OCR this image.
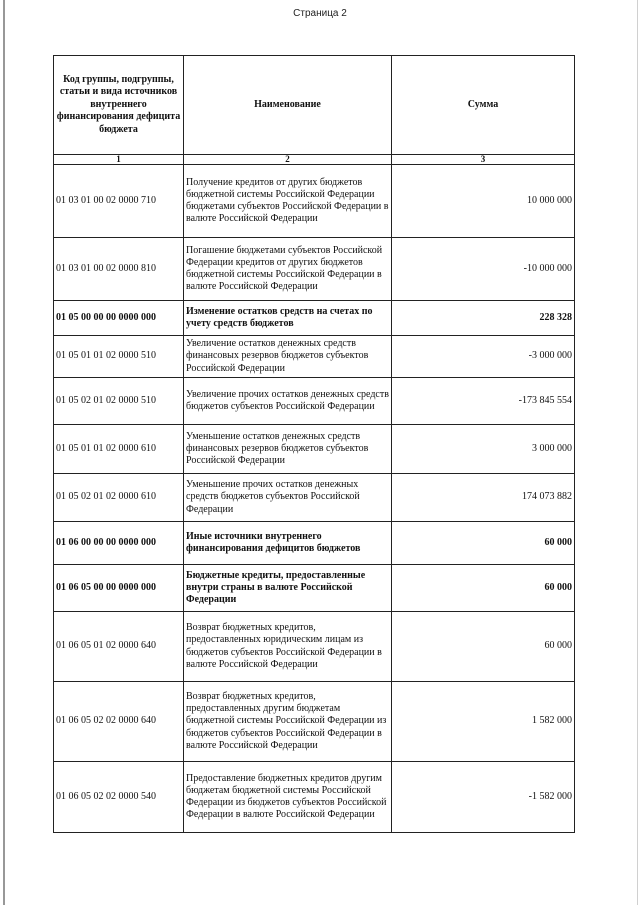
Страница 2
Код группы, подгруппы, статьи и вида источников внутреннего финансирования дефицита бюджета	Наименование	Сумма
1	2	3
01 03 01 00 02 0000 710	Получение кредитов от других бюджетов бюджетной системы Российской Федерации бюджетами субъектов Российской Федерации в валюте Российской Федерации	10 000 000
01 03 01 00 02 0000 810	Погашение бюджетами субъектов Российской Федерации кредитов от других бюджетов бюджетной системы Российской Федерации в валюте Российской Федерации	-10 000 000
01 05 00 00 00 0000 000	Изменение остатков средств на счетах по учету средств бюджетов	228 328
01 05 01 01 02 0000 510	Увеличение остатков денежных средств финансовых резервов бюджетов субъектов Российской Федерации	-3 000 000
01 05 02 01 02 0000 510	Увеличение прочих остатков денежных средств бюджетов субъектов Российской Федерации	-173 845 554
01 05 01 01 02 0000 610	Уменьшение остатков денежных средств финансовых резервов бюджетов субъектов Российской Федерации	3 000 000
01 05 02 01 02 0000 610	Уменьшение прочих остатков денежных средств бюджетов субъектов Российской Федерации	174 073 882
01 06 00 00 00 0000 000	Иные источники внутреннего финансирования дефицитов бюджетов	60 000
01 06 05 00 00 0000 000	Бюджетные кредиты, предоставленные внутри страны в валюте Российской Федерации	60 000
01 06 05 01 02 0000 640	Возврат бюджетных кредитов, предоставленных юридическим лицам из бюджетов субъектов Российской Федерации в валюте Российской Федерации	60 000
01 06 05 02 02 0000 640	Возврат бюджетных кредитов, предоставленных другим бюджетам бюджетной системы Российской Федерации из бюджетов субъектов Российской Федерации в валюте Российской Федерации	1 582 000
01 06 05 02 02 0000 540	Предоставление бюджетных кредитов другим бюджетам бюджетной системы Российской Федерации из бюджетов субъектов Российской Федерации в валюте Российской Федерации	-1 582 000
